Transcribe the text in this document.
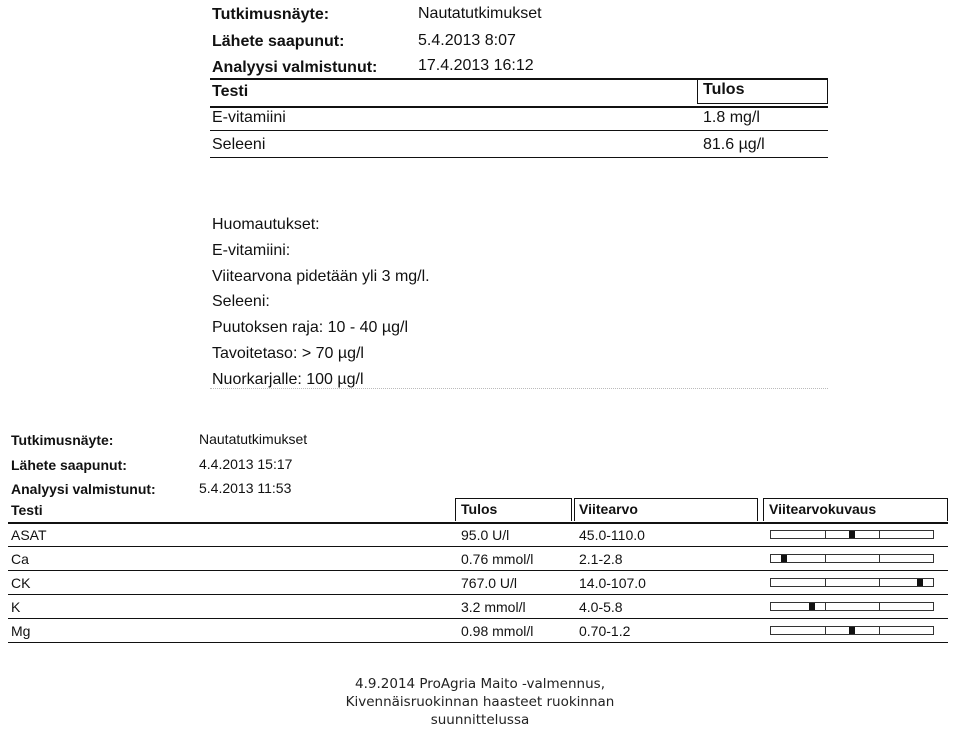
Tutkimusnäyte:	Nautatutkimukset
Lähete saapunut:	5.4.2013 8:07
Analyysi valmistunut:	17.4.2013 16:12
Testi	Tulos
E-vitamiini	1.8 mg/l
Seleeni	81.6 µg/l
Huomautukset:
E-vitamiini:
Viitearvona pidetään yli 3 mg/l.
Seleeni:
Puutoksen raja: 10 - 40 µg/l
Tavoitetaso: > 70 µg/l
Nuorkarjalle: 100 µg/l
Tutkimusnäyte:	Nautatutkimukset
Lähete saapunut:	4.4.2013 15:17
Analyysi valmistunut:	5.4.2013 11:53
Testi	Tulos	Viitearvo	Viitearvokuvaus
ASAT	95.0 U/l	45.0-110.0
Ca	0.76 mmol/l	2.1-2.8
CK	767.0 U/l	14.0-107.0
K	3.2 mmol/l	4.0-5.8
Mg	0.98 mmol/l	0.70-1.2
4.9.2014 ProAgria Maito -valmennus,
Kivennäisruokinnan haasteet ruokinnan
suunnittelussa
